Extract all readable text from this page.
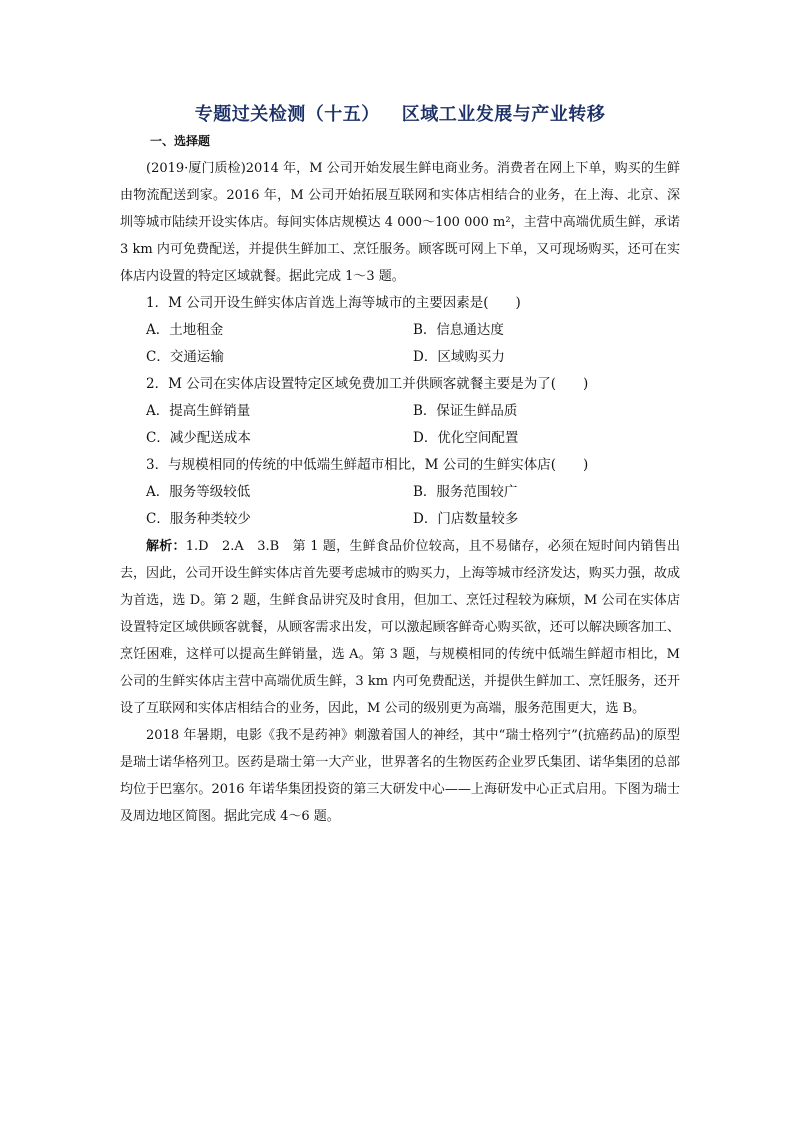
专题过关检测（十五） 区域工业发展与产业转移
一、选择题

(2019·厦门质检)2014 年，M 公司开始发展生鲜电商业务。消费者在网上下单，购买的生鲜由物流配送到家。2016 年，M 公司开始拓展互联网和实体店相结合的业务，在上海、北京、深圳等城市陆续开设实体店。每间实体店规模达 4 000～100 000 m²，主营中高端优质生鲜，承诺 3 km 内可免费配送，并提供生鲜加工、烹饪服务。顾客既可网上下单，又可现场购买，还可在实体店内设置的特定区域就餐。据此完成 1～3 题。

1．M 公司开设生鲜实体店首选上海等城市的主要因素是(　　)

A．土地租金	B．信息通达度
C．交通运输	D．区域购买力

2．M 公司在实体店设置特定区域免费加工并供顾客就餐主要是为了(　　)

A．提高生鲜销量	B．保证生鲜品质
C．减少配送成本	D．优化空间配置

3．与规模相同的传统的中低端生鲜超市相比，M 公司的生鲜实体店(　　)

A．服务等级较低	B．服务范围较广
C．服务种类较少	D．门店数量较多

解析：1.D　2.A　3.B　第 1 题，生鲜食品价位较高，且不易储存，必须在短时间内销售出去，因此，公司开设生鲜实体店首先要考虑城市的购买力，上海等城市经济发达，购买力强，故成为首选，选 D。第 2 题，生鲜食品讲究及时食用，但加工、烹饪过程较为麻烦，M 公司在实体店设置特定区域供顾客就餐，从顾客需求出发，可以激起顾客鲜奇心购买欲，还可以解决顾客加工、烹饪困难，这样可以提高生鲜销量，选 A。第 3 题，与规模相同的传统中低端生鲜超市相比，M 公司的生鲜实体店主营中高端优质生鲜，3 km 内可免费配送，并提供生鲜加工、烹饪服务，还开设了互联网和实体店相结合的业务，因此，M 公司的级别更为高端，服务范围更大，选 B。

2018 年暑期，电影《我不是药神》刺激着国人的神经，其中“瑞士格列宁”(抗癌药品)的原型是瑞士诺华格列卫。医药是瑞士第一大产业，世界著名的生物医药企业罗氏集团、诺华集团的总部均位于巴塞尔。2016 年诺华集团投资的第三大研发中心——上海研发中心正式启用。下图为瑞士及周边地区简图。据此完成 4～6 题。
